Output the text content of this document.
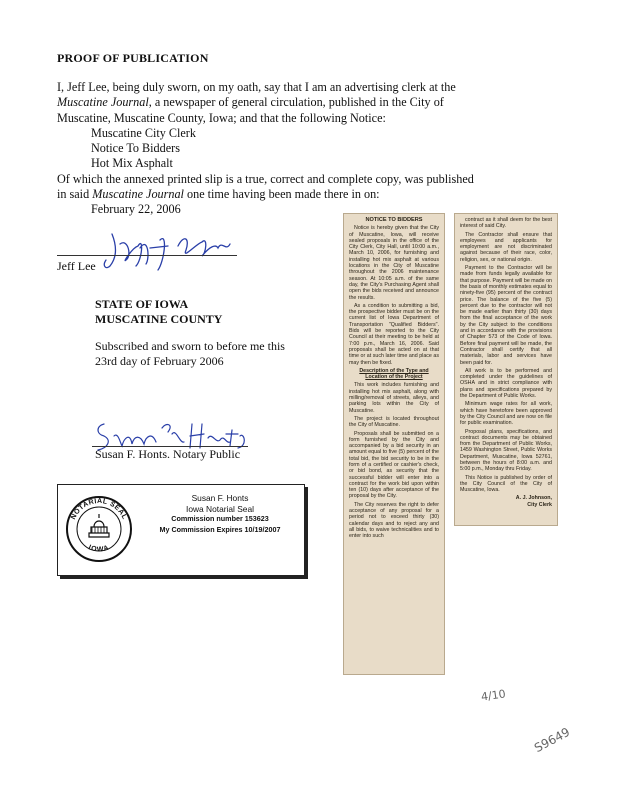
PROOF OF PUBLICATION

I, Jeff Lee, being duly sworn, on my oath, say that I am an advertising clerk at the

Muscatine Journal, a newspaper of general circulation, published in the City of

Muscatine, Muscatine County, Iowa; and that the following Notice:

Muscatine City Clerk

Notice To Bidders

Hot Mix Asphalt

Of which the annexed printed slip is a true, correct and complete copy, was published

in said Muscatine Journal one time having been made there in on:

February 22, 2006

Jeff Lee
STATE OF IOWA
MUSCATINE COUNTY
Subscribed and sworn to before me this
23rd day of February 2006
Susan F. Honts. Notary Public
NOTARIAL SEAL
IOWA
Susan F. Honts
Iowa Notarial Seal
Commission number 153623
My Commission Expires 10/19/2007
NOTICE TO BIDDERS

Notice is hereby given that the City of Muscatine, Iowa, will receive sealed proposals in the office of the City Clerk, City Hall, until 10:00 a.m., March 10, 2006, for furnishing and installing hot mix asphalt at various locations in the City of Muscatine throughout the 2006 maintenance season. At 10:05 a.m. of the same day, the City's Purchasing Agent shall open the bids received and announce the results.

As a condition to submitting a bid, the prospective bidder must be on the current list of Iowa Department of Transportation "Qualified Bidders". Bids will be reported to the City Council at their meeting to be held at 7:00 p.m., March 16, 2006. Said proposals shall be acted on at that time or at such later time and place as may then be fixed.

Description of the Type and Location of the Project

This work includes furnishing and installing hot mix asphalt, along with milling/removal of streets, alleys, and parking lots within the City of Muscatine.

The project is located throughout the City of Muscatine.

Proposals shall be submitted on a form furnished by the City and accompanied by a bid security in an amount equal to five (5) percent of the total bid, the bid security to be in the form of a certified or cashier's check, or bid bond, as security that the successful bidder will enter into a contract for the work bid upon within ten (10) days after acceptance of the proposal by the City.

The City reserves the right to defer acceptance of any proposal for a period not to exceed thirty (30) calendar days and to reject any and all bids, to waive technicalities and to enter into such

contract as it shall deem for the best interest of said City.

The Contractor shall ensure that employees and applicants for employment are not discriminated against because of their race, color, religion, sex, or national origin.

Payment to the Contractor will be made from funds legally available for that purpose. Payment will be made on the basis of monthly estimates equal to ninety-five (95) percent of the contract price. The balance of the five (5) percent due to the contractor will not be made earlier than thirty (30) days from the final acceptance of the work by the City subject to the conditions and in accordance with the provisions of Chapter 573 of the Code of Iowa. Before final payment will be made, the Contractor shall certify that all materials, labor and services have been paid for.

All work is to be performed and completed under the guidelines of OSHA and in strict compliance with plans and specifications prepared by the Department of Public Works.

Minimum wage rates for all work, which have heretofore been approved by the City Council and are now on file for public examination.

Proposal plans, specifications, and contract documents may be obtained from the Department of Public Works, 1459 Washington Street, Public Works Department, Muscatine, Iowa 52761, between the hours of 8:00 a.m. and 5:00 p.m., Monday thru Friday.

This Notice is published by order of the City Council of the City of Muscatine, Iowa.

A. J. Johnson,
City Clerk
4/10
S9649
